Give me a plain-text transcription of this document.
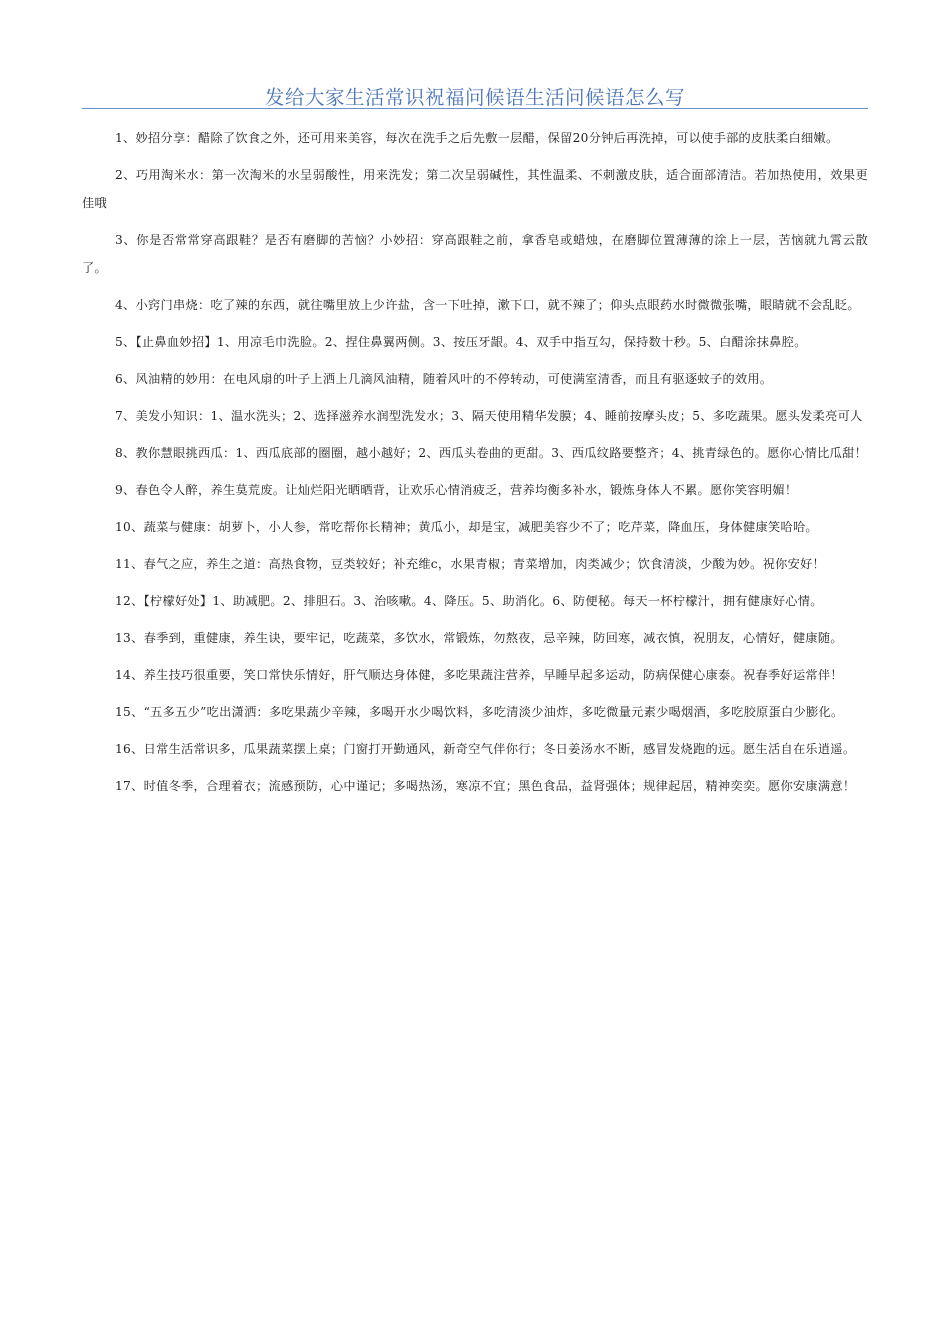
发给大家生活常识祝福问候语生活问候语怎么写

1、妙招分享：醋除了饮食之外，还可用来美容，每次在洗手之后先敷一层醋，保留20分钟后再洗掉，可以使手部的皮肤柔白细嫩。

2、巧用淘米水：第一次淘米的水呈弱酸性，用来洗发；第二次呈弱碱性，其性温柔、不刺激皮肤，适合面部清洁。若加热使用，效果更佳哦

3、你是否常常穿高跟鞋？是否有磨脚的苦恼？小妙招：穿高跟鞋之前，拿香皂或蜡烛，在磨脚位置薄薄的涂上一层，苦恼就九霄云散了。

4、小窍门串烧：吃了辣的东西，就往嘴里放上少许盐，含一下吐掉，漱下口，就不辣了；仰头点眼药水时微微张嘴，眼睛就不会乱眨。

5、【止鼻血妙招】1、用凉毛巾洗脸。2、捏住鼻翼两侧。3、按压牙龈。4、双手中指互勾，保持数十秒。5、白醋涂抹鼻腔。

6、风油精的妙用：在电风扇的叶子上洒上几滴风油精，随着风叶的不停转动，可使满室清香，而且有驱逐蚊子的效用。

7、美发小知识：1、温水洗头；2、选择滋养水润型洗发水；3、隔天使用精华发膜；4、睡前按摩头皮；5、多吃蔬果。愿头发柔亮可人

8、教你慧眼挑西瓜：1、西瓜底部的圈圈，越小越好；2、西瓜头卷曲的更甜。3、西瓜纹路要整齐；4、挑青绿色的。愿你心情比瓜甜！

9、春色令人醉，养生莫荒废。让灿烂阳光晒晒背，让欢乐心情消疲乏，营养均衡多补水，锻炼身体人不累。愿你笑容明媚！

10、蔬菜与健康：胡萝卜，小人参，常吃帮你长精神；黄瓜小，却是宝，减肥美容少不了；吃芹菜，降血压，身体健康笑哈哈。

11、春气之应，养生之道：高热食物，豆类较好；补充维c，水果青椒；青菜增加，肉类减少；饮食清淡，少酸为妙。祝你安好！

12、【柠檬好处】1、助减肥。2、排胆石。3、治咳嗽。4、降压。5、助消化。6、防便秘。每天一杯柠檬汁，拥有健康好心情。

13、春季到，重健康，养生诀，要牢记，吃蔬菜，多饮水，常锻炼，勿熬夜，忌辛辣，防回寒，减衣慎，祝朋友，心情好，健康随。

14、养生技巧很重要，笑口常快乐情好，肝气顺达身体健，多吃果蔬注营养，早睡早起多运动，防病保健心康泰。祝春季好运常伴！

15、“五多五少”吃出潇洒：多吃果蔬少辛辣，多喝开水少喝饮料，多吃清淡少油炸，多吃微量元素少喝烟酒，多吃胶原蛋白少膨化。

16、日常生活常识多，瓜果蔬菜摆上桌；门窗打开勤通风，新奇空气伴你行；冬日姜汤水不断，感冒发烧跑的远。愿生活自在乐逍遥。

17、时值冬季，合理着衣；流感预防，心中谨记；多喝热汤，寒凉不宜；黑色食品，益肾强体；规律起居，精神奕奕。愿你安康满意！
